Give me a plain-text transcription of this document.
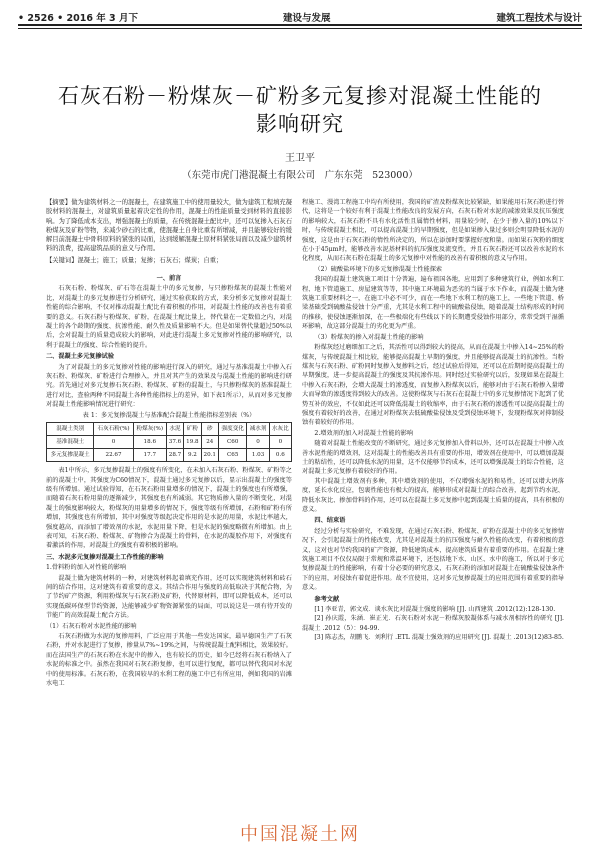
• 2526 • 2016 年 3 月下	建设与发展	建筑工程技术与设计
石灰石粉－粉煤灰－矿粉多元复掺对混凝土性能的
影响研究
王卫平
（东莞市虎门港混凝土有限公司　广东东莞　523000）
【摘要】做为建筑材料之一的混凝土，在建筑施工中的使用量较大，做为建筑工程填充凝胶材料的混凝土，对建筑质量起着决定性的作用，混凝土的性能质量受到材料的直接影响。为了降低成本支出，增强混凝土的质量，在传统混凝土配比中，还可以复掺入石灰石粉煤灰及矿粉等物，来减少砂石的比重，使混凝土自身比重有所增减，并且能够较好的缓解目前混凝土中骨料原料的紧张的局面，达到缓解混凝土原材料紧张局面以及减少建筑材料的浪费，提高建筑品质的意义与作用。
【关键词】混凝土；施工；质量；复掺；石灰石；煤炭；自重；
一、前言

石灰石粉、粉煤灰、矿石等在混凝土中的多元复掺，与只掺粉煤灰的混凝土性能对比，对混凝土的多元复掺进行分析研究，通过实验获取的方式，来分析多元复掺对混凝土性能的综合影响，不仅对推动混凝土配比有着积极的作用，对混凝土性能的改善也有着重要的意义。石灰石粉与粉煤灰、矿粉，在混凝土配比量上，替代量在一定数值之内，对混凝土的各个龄期的强度、抗渗性能、耐久性及质量影响不大。但是如果替代量超过50%以后，会对混凝土的质量造成较大的影响，对此进行混凝土多元复掺对性能的影响研究，以利于混凝土的强度、综合性能的提升。

二、混凝土多元复掺试验

为了对混凝土的多元复掺对性能的影响进行深入的研究，通过与基准混凝土中掺入石灰石粉、粉煤灰、矿粉进行合理掺入，并且对其产生的效果及与混凝土性能的影响进行研究。首先通过对多元复掺石灰石粉、粉煤灰、矿粉的混凝土，与只掺粉煤灰的基准混凝土进行对比，查验两种不同混凝土各种性能指标上的差异，如下表1所示），从而对多元复掺对混凝土性能影响情况进行研究：

表 1：多元复掺混凝土与基准配合混凝土性能指标差别表（%）
混凝土类别	石灰石粉(%)	粉煤灰(%)	水泥	矿粉	砂	强度变化	减水剂	水灰比
基准混凝土	0	18.6	37.6	19.8	24	C60	0	0
多元复掺混凝土	22.67	17.7	28.7	9.2	20.1	C65	1.03	0.6

表1中所示，多元复掺混凝土的强度有所变化，在未加入石灰石粉、粉煤灰、矿粉等之前的混凝土中，其强度为C60情况下，混凝土通过多元复掺以后，显示出混凝土的强度等级有所增加。通过试验得知，在石灰石粉用量增多的情况下，混凝土的强度也有所增强，而随着石灰石粉用量的逐渐减少，其强度也有所减弱。其它物质掺入量的不断变化，对混凝土的强度影响较大，粉煤灰的用量增多的情况下，强度等级有所增加，石粉和矿粉有所增加，其强度也有所增加，其中对强度等级起决定作用的是水泥的用量，水泥比率越大，强度越高，而添加了增效剂的水泥，水泥用量下降，但是水泥的强度略微有所增加。由上表可知，石灰石粉、粉煤灰、矿物掺合为混凝土的骨料，在水泥的凝胶作用下，对强度有着激活的作用，对混凝土的强度有着积极的影响。

三、水泥多元复掺对混凝土工作性能的影响
1.骨料粉的加入对性能的影响

混凝土做为建筑材料的一种，对建筑材料起着填充作用，还可以实现建筑材料和砖石间的结合作用，这对建筑有着重要的意义。其结合作用与强度的高低取决于其配合物，为了节约矿产资源，利用粉煤灰与石灰石粉及矿粉，代替原材料，即可以降低成本，还可以实现低碳环保型节约资源，达能够减少矿物资源紧张的局面，可以说这是一项有待开发的节能广的高效混凝土配合方法。

（1）石灰石粉对水泥性能的影响

石灰石粉做为水泥的复掺用料，广泛应用于其他一些发达国家，最早德国生产了石灰石粉，并对水泥进行了复掺，掺量从7%~19%之间，与传统混凝土配料相比，效果较好。而在法国生产的石灰石粉在水泥中的掺入，也有较长的历史，如今已经将石灰石粉纳入了水泥的标准之中。虽然在我国对石灰石粉复掺，也可以进行复配，都可以替代我国对水泥中的使用标准。石灰石粉，在我国较早的水利工程的施工中已有所应用，例如我国的岩滩水电工

程施工、漫湾工程施工中均有所使用，我国的矿渣及粉煤灰比较紧缺，如果能用石灰石粉进行替代，这将是一个较好有利于混凝土性能改良的发展方向，石灰石粉对水泥的减渗效果及抗压强度的影响较大，石灰石粉不具有水化活性且属惰性材料，用量较少时，在少于掺入量的10%以下时，与传统混凝土相比，可以提高混凝土的早期强度，但是如果掺入量过多则会明显降低水泥的强度，这是由于石灰石粉的惰性所决定的，所以在添加时要掌握好度和量。而如果石灰粉的细度在小于45μm时，能够改善水泥基材料的抗压强度及流变性，并且石灰石粉还可以改善水泥的水化程度，从而石灰石粉在混凝土的多元复掺中对性能的改善有着积极的意义与作用。

（2）硫酸盐环境下的多元复掺混凝土性能探索

我国的混凝土建筑施工项目十分普遍，遍布祖国各地，应用到了多种建筑行业，例如水利工程、地下管道施工、房屋建筑等等，其中施工环境最为恶劣的当属于水下作业，而混凝土做为建筑施工重要材料之一，在施工中必不可少，而在一些地下水利工程的施工上，一些地下管道、桥梁基础受到硫酸盐侵蚀十分严重，尤其是水利工程中的硫酸盐侵蚀，随着混凝土结构形成的时间的推移，使侵蚀逐渐加深，在一些极端化有些线以下的长期遭受侵蚀作用部分，常常受到干湿循环影响，故这部分混凝土的劣化更为严重。

（3）粉煤灰的掺入对混凝土性能的影响

粉煤灰经过磨细加工之后，其活性可以得到较大的提高，从而在混凝土中掺入14~25%的粉煤灰，与传统混凝土相比较，能够提高混凝土早期的强度，并且能够提高混凝土的抗渗性。当粉煤灰与石灰石粉、矿粉同时复掺入复掺料之后，经过试验后得知，还可以在后期时提高混凝土的早期强度，进一步提高混凝土的强度及其抗渗作用。同时经过实验研究以后，发现如果在混凝土中掺入石灰石粉，会增大混凝土的渗透度，而复掺入粉煤灰以后，能够对由于石灰石粉掺入量增大而导致的渗透度得到较大的改善。这使粉煤灰与石灰石在混凝土中的多元复掺情况下起到了优势互补的效应，不仅如此还可以降低混凝土的收缩率，由于石灰石粉的渗透性可以提高混凝土的强度有着较好的改善，在通过对粉煤灰去低硫酸盐侵蚀及受到侵蚀环境下，发现粉煤灰对抑制侵蚀有着较好的作用。

2.增效剂的加入对混凝土性能的影响

随着对混凝土性能改变的不断研究，通过多元复掺加入骨料以外，还可以在混凝土中掺入改善水泥性能的增效剂，这对混凝土的性能改善具有重要的作用，增效剂在使用中，可以增加混凝土的粘结性，还可以降低水泥的用量，这不仅能够节约成本，还可以增强混凝土的综合性能，这对混凝土多元复掺有着较好的作用。

其中混凝土增效剂有多种，其中增效剂的使用，不仅增强水泥的和易性，还可以增大坍落度，延长水化反应，包裹性能也有极大的提高，能够形成对混凝土的综合改善，起到节约水泥、降低水灰比、掺加骨料的作用，还可以在混凝土多元复掺中起到混凝土质量的提高，具有积极的意义。

四、结束语

经过分析与实验研究，不难发现，在通过石灰石粉、粉煤灰、矿粉在混凝土中的多元复掺情况下，会引起混凝土的性能改变，尤其是对混凝土的抗压强度与耐久性能的改变，有着积极的意义，这对也对节约我国的矿产资源，降低建筑成本，提高建筑质量有着重要的作用。在混凝土建筑施工项目不仅仅局限于常规和常温环境下，还包括地下水、山区、水中的施工，所以对于多元复掺混凝土的性能影响，有着十分必要的研究意义，石灰石粉的添加对混凝土在硫酸盐侵蚀条件下的应用，对侵蚀有着促进作用。故不宜使用，这对多元复掺混凝土的应用范围有着重要的指导意义。

参考文献

[1] 李亚青，郭文成．谈水灰比对混凝土强度的影响 [J]. 山西建筑 .2012(12):128-130.

[2] 孙庆霞，朱涵．崔正光．石灰石粉对水泥－粉煤灰胶凝体系与减水剂相容性的研究 [J]. 混凝土 .2012（5）：94-99.

[3] 陈志杰，胡鹏飞．刘利行 .ETL 混凝土强效剂的应用研究 [J]. 混凝土 .2013(12)83-85.

中国混凝土网
